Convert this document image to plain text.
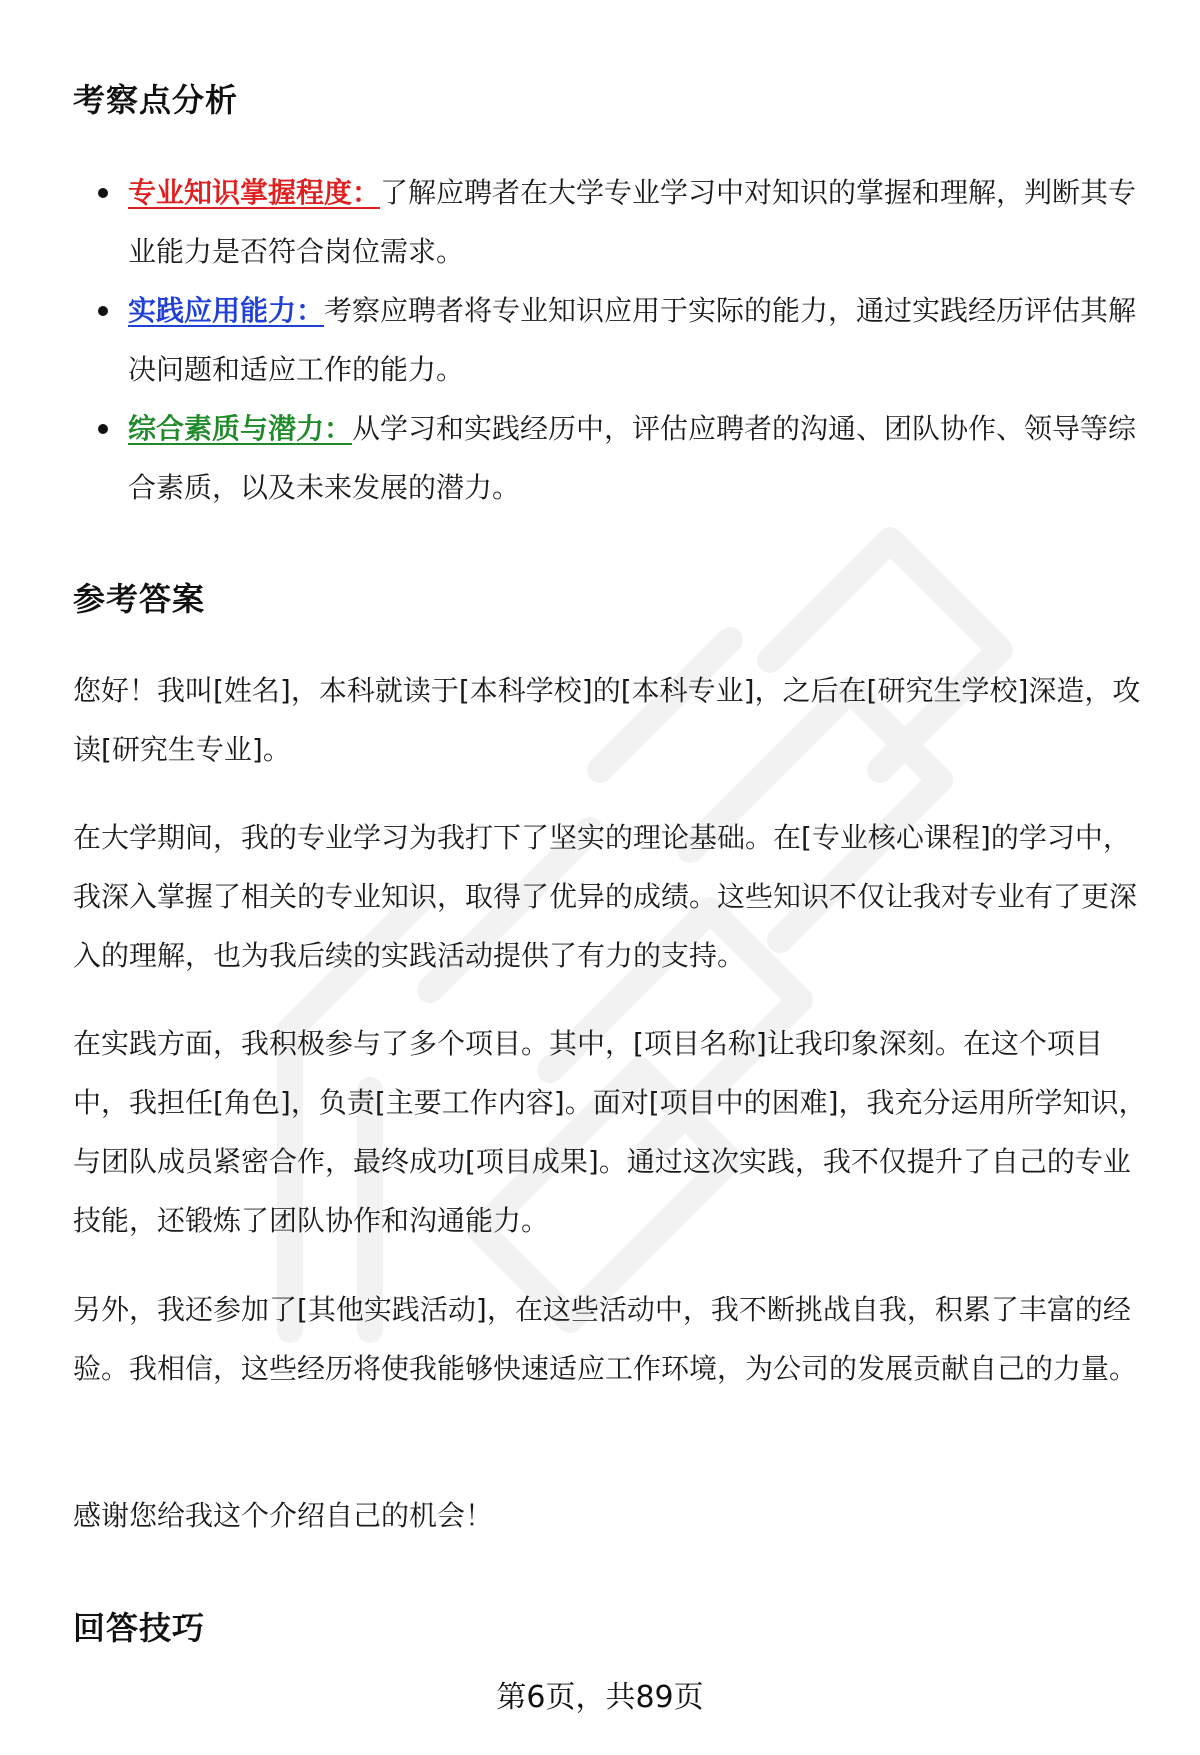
考察点分析
专业知识掌握程度：了解应聘者在大学专业学习中对知识的掌握和理解，判断其专业能力是否符合岗位需求。
实践应用能力：考察应聘者将专业知识应用于实际的能力，通过实践经历评估其解决问题和适应工作的能力。
综合素质与潜力：从学习和实践经历中，评估应聘者的沟通、团队协作、领导等综合素质，以及未来发展的潜力。
参考答案

您好！我叫[姓名]，本科就读于[本科学校]的[本科专业]，之后在[研究生学校]深造，攻读[研究生专业]。

在大学期间，我的专业学习为我打下了坚实的理论基础。在[专业核心课程]的学习中，我深入掌握了相关的专业知识，取得了优异的成绩。这些知识不仅让我对专业有了更深入的理解，也为我后续的实践活动提供了有力的支持。

在实践方面，我积极参与了多个项目。其中，[项目名称]让我印象深刻。在这个项目中，我担任[角色]，负责[主要工作内容]。面对[项目中的困难]，我充分运用所学知识，与团队成员紧密合作，最终成功[项目成果]。通过这次实践，我不仅提升了自己的专业技能，还锻炼了团队协作和沟通能力。

另外，我还参加了[其他实践活动]，在这些活动中，我不断挑战自我，积累了丰富的经验。我相信，这些经历将使我能够快速适应工作环境，为公司的发展贡献自己的力量。

感谢您给我这个介绍自己的机会！

回答技巧

第6页，共89页
